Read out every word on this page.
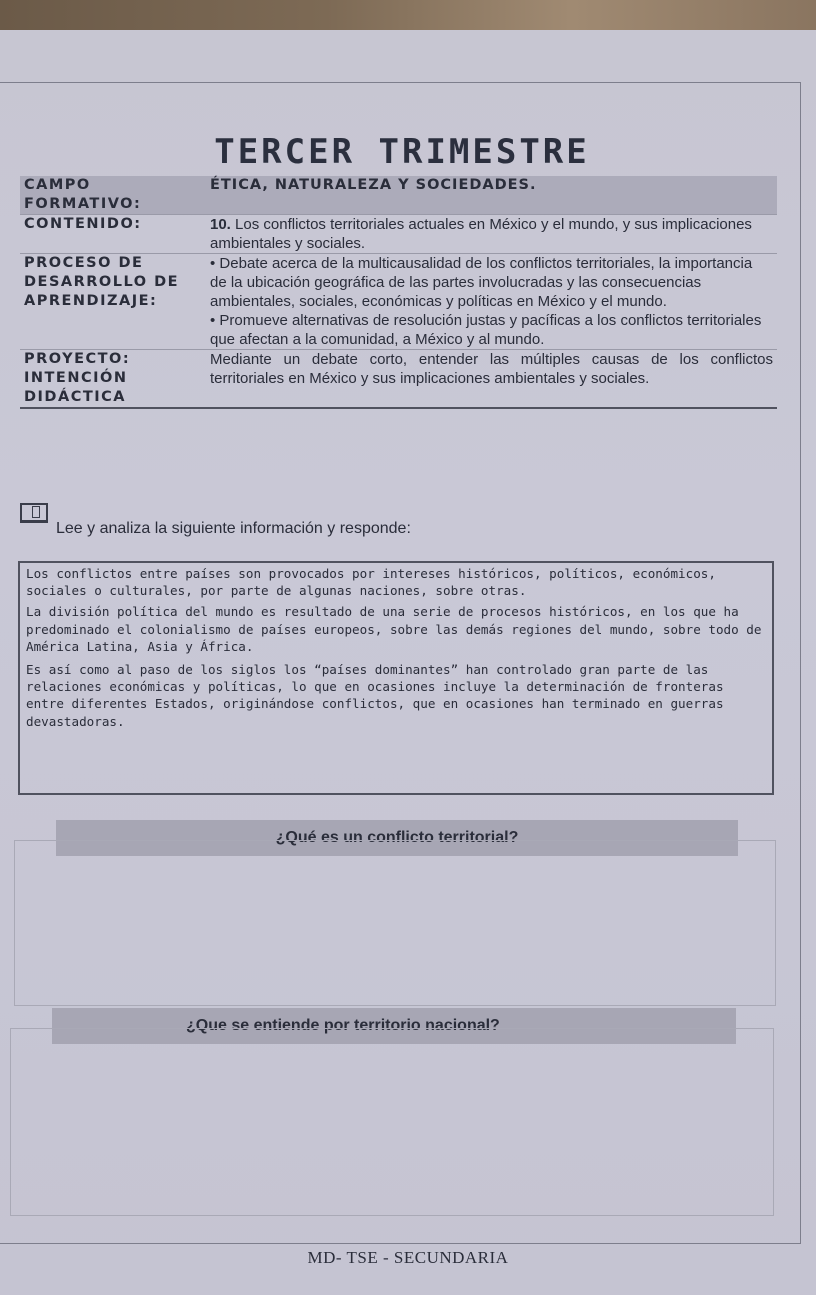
TERCER TRIMESTRE
CAMPO FORMATIVO:	ÉTICA, NATURALEZA Y SOCIEDADES.
CONTENIDO:	10. Los conflictos territoriales actuales en México y el mundo, y sus implicaciones ambientales y sociales.
PROCESO DE DESARROLLO DE APRENDIZAJE:	• Debate acerca de la multicausalidad de los conflictos territoriales, la importancia de la ubicación geográfica de las partes involucradas y las consecuencias ambientales, sociales, económicas y políticas en México y el mundo.

• Promueve alternativas de resolución justas y pacíficas a los conflictos territoriales que afectan a la comunidad, a México y al mundo.

PROYECTO: INTENCIÓN DIDÁCTICA	Mediante un debate corto, entender las múltiples causas de los conflictos territoriales en México y sus implicaciones ambientales y sociales.
Lee y analiza la siguiente información y responde:

Los conflictos entre países son provocados por intereses históricos, políticos, económicos, sociales o culturales, por parte de algunas naciones, sobre otras.

La división política del mundo es resultado de una serie de procesos históricos, en los que ha predominado el colonialismo de países europeos, sobre las demás regiones del mundo, sobre todo de América Latina, Asia y África.

Es así como al paso de los siglos los “países dominantes” han controlado gran parte de las relaciones económicas y políticas, lo que en ocasiones incluye la determinación de fronteras entre diferentes Estados, originándose conflictos, que en ocasiones han terminado en guerras devastadoras.

¿Qué es un conflicto territorial?
¿Que se entiende por territorio nacional?
MD- TSE - SECUNDARIA
